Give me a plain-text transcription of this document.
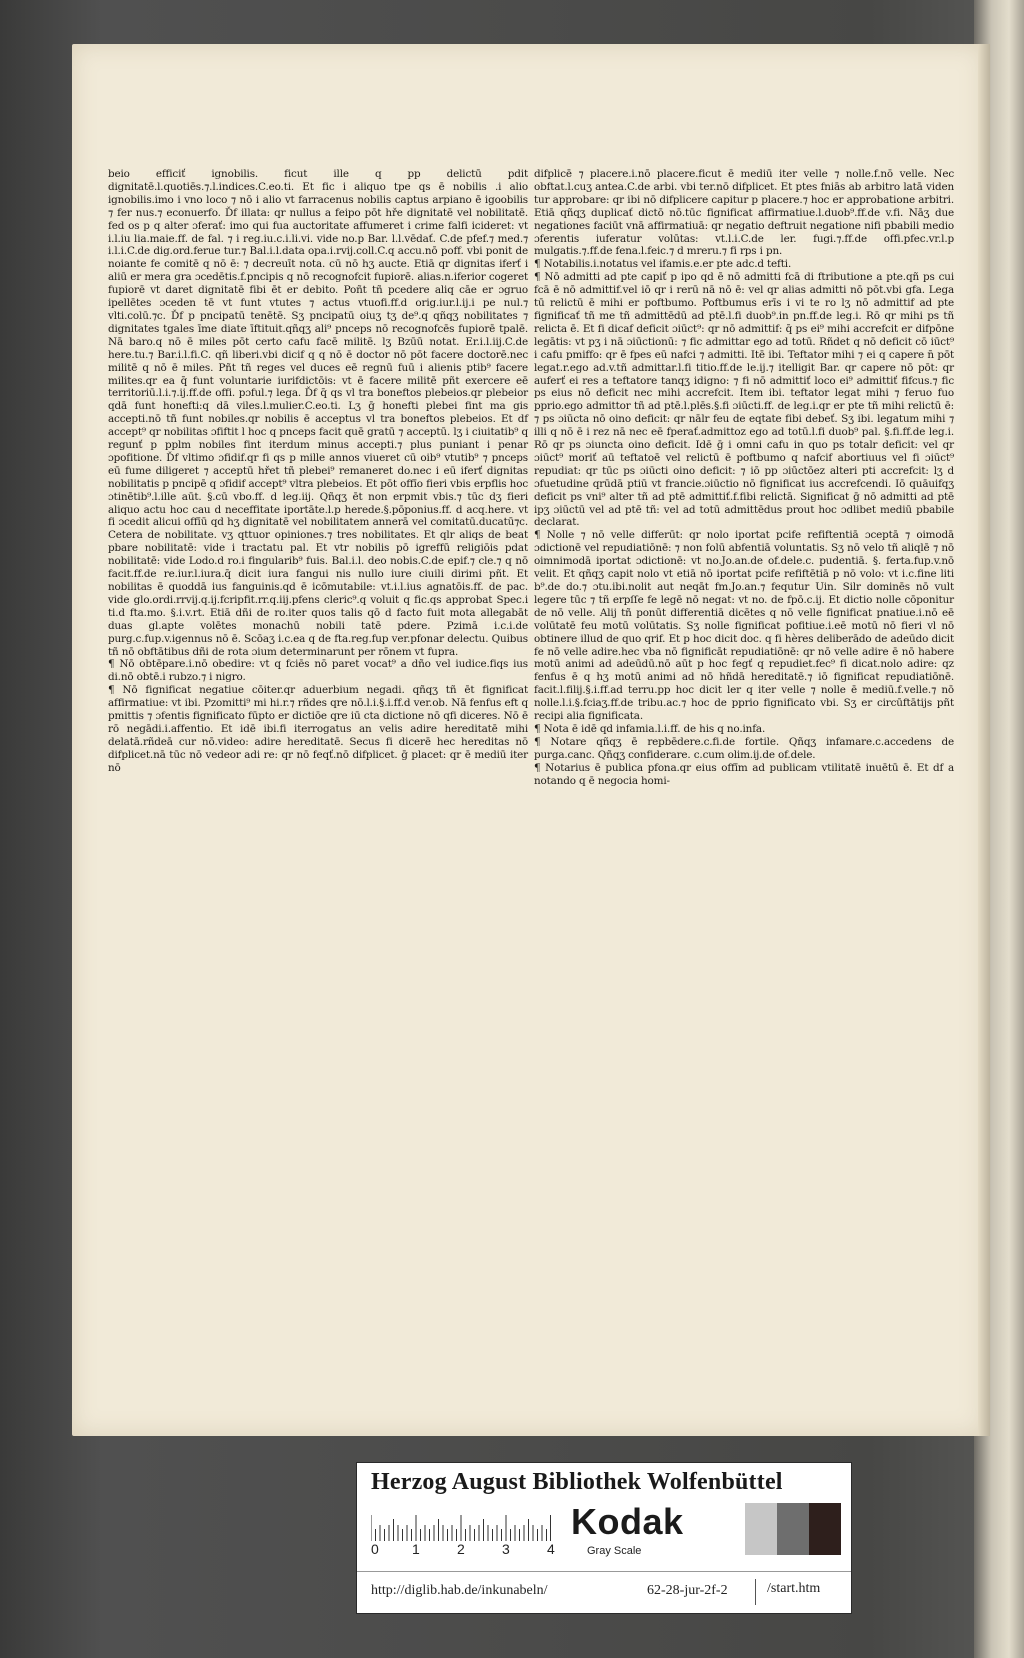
beio efficiť ignobilis. ficut ille q pp delictū pdit dignitatē.l.quotiēs.⁊.l.indices.C.eo.ti. Et fic i aliquo tpe qs ē nobilis .i alio ignobilis.imo i vno loco ⁊ nō i alio vt farracenus nobilis captus arpiano ē igoobilis ⁊ fer nus.⁊ econuerfo. Ďf illata: qr nullus a feipo pōt hře dignitatē vel nobilitatē. fed os p q alter ɔferať: imo qui fua auctoritate affumeret i crime falfi icideret: vt i.l.iu lia.maie.ff. de fal. ⁊ i reg.iu.c.i.li.vi. vide no.p Bar. l.l.vēdať. C.de pfef.⁊ med.⁊ i.l.i.C.de dig.ord.ferue tur.⁊ Bal.i.l.data opa.i.rvij.coll.C.q accu.nō poff. vbi ponit de noiante fe comitē q nō ē: ⁊ decreuīt nota. cū nō hʒ aucte. Etiā qr dignitas iferť i aliū er mera gra ɔcedētis.f.pncipis q nō recognofcit fupiorē. alias.n.iferior cogeret fupiorē vt daret dignitatē fibi ēt er debito. Poñt tñ pcedere aliq cāe er ɔgruo ipellētes ɔceden tē vt funt vtutes ⁊ actus vtuofi.ff.d orig.iur.l.ij.i pe nul.⁊ vlti.colū.⁊c. Ďf p pncipatū tenētē. Sʒ pncipatū oiuʒ tʒ de⁹.q qñqʒ nobilitates ⁊ dignitates tgales īme diate īftituit.qñqʒ ali⁹ pnceps nō recognofcēs fupiorē tpalē. Nā baro.q nō ē miles pōt certo cafu facē militē. lʒ Bzūū notat. Er.i.l.iij.C.de here.tu.⁊ Bar.i.l.fi.C. qñ liberi.vbi dicif q q nō ē doctor nō pōt facere doctorē.nec militē q nō ē miles. Pñt tñ reges vel duces eē regnū fuū i alienis ptib⁹ facere milites.qr ea q̄ funt voluntarie iurifdictōis: vt ē facere militē pñt exercere eē territoriū.l.i.⁊.ij.ff.de offi. pɔful.⁊ lega. Ďf q̄ qs vl tra boneftos plebeios.qr plebeior qdā funt honefti:q dā viles.l.mulier.C.eo.ti. Lʒ ḡ honefti plebei fint ma gis accepti.nō tñ funt nobiles.qr nobilis ē acceptus vl tra boneftos plebeios. Et df accept⁹ qr nobilitas ɔfiftit l hoc q pnceps facit quē gratū ⁊ acceptū. lʒ i ciuitatib⁹ q regunť p pplm nobiles fint iterdum minus accepti.⁊ plus puniant i penar ɔpofitione. Ďf vltimo ɔfidif.qr fi qs p mille annos viueret cū oib⁹ vtutib⁹ ⁊ pnceps eū fume diligeret ⁊ acceptū hřet tñ plebei⁹ remaneret do.nec i eū iferť dignitas nobilitatis p pncipē q ɔfidif accept⁹ vltra plebeios. Et pōt offīo fieri vbis erpflis hoc ɔtinētib⁹.l.ille aūt. §.cū vbo.ff. d leg.iij. Qñqʒ ēt non erpmit vbis.⁊ tūc dʒ fieri aliquo actu hoc cau d neceffitate iportāte.l.p herede.§.pōponius.ff. d acq.here. vt fi ɔcedit alicui offīū qd hʒ dignitatē vel nobilitatem annerā vel comitatū.ducatū⁊c. Cetera de nobilitate. vʒ qttuor opiniones.⁊ tres nobilitates. Et qlr aliqs de beat pbare nobilitatē: vide i tractatu pal. Et vtr nobilis pō igreffū religiōis pdat nobilitatē: vide Lodo.d ro.i fingularib⁹ fuis. Bal.i.l. deo nobis.C.de epif.⁊ cle.⁊ q nō facit.ff.de re.iur.l.iura.q̄ dicit iura fangui nis nullo iure ciuili dirimi pñt. Et nobilitas ē quoddā ius fanguinis.qd ē icōmutabile: vt.i.l.ius agnatōis.ff. de pac. vide glo.ordi.rrvij.q.ij.fcripfit.rr.q.iij.pfens cleric⁹.q voluit q fic.qs approbat Spec.i ti.d fta.mo. §.i.v.rt. Etiā dñi de ro.iter quos talis qō d facto fuit mota allegabāt duas gl.apte volētes monachū nobili tatē pdere. Pzimā i.c.i.de purg.c.fup.v.igennus nō ē. Scōaʒ i.c.ea q de fta.reg.fup ver.pfonar delectu. Quibus tñ nō obftātibus dñi de rota ɔium determinarunt per rōnem vt fupra.

¶ Nō obtēpare.i.nō obedire: vt q fciēs nō paret vocat⁹ a dño vel iudice.fiqs ius di.nō obtē.i rubzo.⁊ i nigro.

¶ Nō fignificat negatiue cōiter.qr aduerbium negadi. qñqʒ tñ ēt fignificat affirmatiue: vt ibi. Pzomitti⁹ mi hi.r.⁊ rñdes qre nō.l.i.§.i.ff.d ver.ob. Nā fenfus eft q pmittis ⁊ ɔfentis fignificato fūpto er dictiōe qre iū cta dictione nō qfi diceres. Nō ē rō negādi.i.affentio. Et idē ibi.fi iterrogatus an velis adire hereditatē mihi delatā.rñdeā cur nō.video: adire hereditatē. Secus fi dicerē hec hereditas nō difplicet.nā tūc nō vedeor adi re: qr nō feqť.nō difplicet. ḡ placet: qr ē mediū iter nō

difplicē ⁊ placere.i.nō placere.ficut ē mediū iter velle ⁊ nolle.f.nō velle. Nec obftat.l.cuʒ antea.C.de arbi. vbi ter.nō difplicet. Et ptes fniās ab arbitro latā viden tur approbare: qr ibi nō difplicere capitur p placere.⁊ hoc er approbatione arbitri. Etiā qñqʒ duplicať dictō nō.tūc fignificat affirmatiue.l.duob⁹.ff.de v.fi. Nāʒ due negationes faciūt vnā affirmatiuā: qr negatio deftruit negatione nifi pbabili medio ɔferentis iuferatur volūtas: vt.l.i.C.de ler. fugi.⁊.ff.de offi.pfec.vr.l.p mulgatis.⁊.ff.de fena.l.feic.⁊ d mreru.⁊ fi rps i pn.

¶ Notabilis.i.notatus vel ifamis.e.er pte adc.d tefti.

¶ Nō admitti ad pte capiť p ipo qd ē nō admitti fcā di ftributione a pte.qñ ps cui fcā ē nō admittif.vel iō qr i rerū nā nō ē: vel qr alias admitti nō pōt.vbi gfa. Lega tū relictū ē mihi er poftbumo. Poftbumus erīs i vi te ro lʒ nō admittif ad pte fignificať tñ me tñ admittēdū ad ptē.l.fi duob⁹.in pn.ff.de leg.i. Rō qr mihi ps tñ relicta ē. Et fi dicaf deficit ɔiūct⁹: qr nō admittif: q̄ ps ei⁹ mihi accrefcit er difpōne legātis: vt pʒ i nā ɔiūctionū: ⁊ fic admittar ego ad totū. Rñdet q nō deficit cō iūct⁹ i cafu pmiffo: qr ē fpes eū nafci ⁊ admitti. Itē ibi. Teftator mihi ⁊ ei q capere n̄ pōt legat.r.ego ad.v.tñ admittar.l.fi titio.ff.de le.ij.⁊ itelligit Bar. qr capere nō pōt: qr auferť ei res a teftatore tanqʒ idigno: ⁊ fi nō admittiť loco ei⁹ admittiť fifcus.⁊ fic ps eius nō deficit nec mihi accrefcit. Item ibi. teftator legat mihi ⁊ feruo fuo pprio.ego admittor tñ ad ptē.l.plēs.§.fi ɔiūcti.ff. de leg.i.qr er pte tñ mihi relictū ē: ⁊ ps ɔiūcta nō oino deficit: qr nālr feu de eqtate fibi debeť. Sʒ ibi. legatum mihi ⁊ illi q nō ē i rez nā nec eē fperať.admittoz ego ad totū.l.fi duob⁹ pal. §.fi.ff.de leg.i. Rō qr ps ɔiuncta oino deficit. Idē ḡ i omni cafu in quo ps totalr deficit: vel qr ɔiūct⁹ moriť aū teftatoē vel relictū ē poftbumo q nafcif abortiuus vel fi ɔiūct⁹ repudiat: qr tūc ps ɔiūcti oino deficit: ⁊ iō pp ɔiūctōez alteri pti accrefcit: lʒ d ɔfuetudine qrūdā ptiū vt francie.ɔiūctio nō fignificat ius accrefcendi. Iō quāuifqʒ deficit ps vni⁹ alter tñ ad ptē admittiť.f.fibi relictā. Significat ḡ nō admitti ad ptē ipʒ ɔiūctū vel ad ptē tñ: vel ad totū admittēdus prout hoc ɔdlibet mediū pbabile declarat.

¶ Nolle ⁊ nō velle differūt: qr nolo iportat pcife refiftentiā ɔceptā ⁊ oimodā ɔdictionē vel repudiatiōnē: ⁊ non folū abfentiā voluntatis. Sʒ nō velo tñ aliqlē ⁊ nō oimnimodā iportat ɔdictionē: vt no.Jo.an.de of.dele.c. pudentiā. §. ferta.fup.v.nō velit. Et qñqʒ capit nolo vt etiā nō iportat pcife refiftētiā p nō volo: vt i.c.fine liti b⁹.de do.⁊ ɔtu.ibi.nolit aut neqāt fm.Jo.an.⁊ fequtur Uin. Silr dominēs nō vult legere tūc ⁊ tñ erpſſe fe legē nō negat: vt no. de fpō.c.ij. Et dictio nolle cōponitur de nō velle. Alij tñ ponūt differentiā dicētes q nō velle fignificat pnatiue.i.nō eē volūtatē feu motū volūtatis. Sʒ nolle fignificat pofitiue.i.eē motū nō fieri vl nō obtinere illud de quo qrif. Et p hoc dicit doc. q fi hères deliberādo de adeūdo dicit fe nō velle adire.hec vba nō fignificāt repudiatiōnē: qr nō velle adire ē nō habere motū animi ad adeūdū.nō aūt p hoc fegť q repudiet.fec⁹ fi dicat.nolo adire: qz fenfus ē q hʒ motū animi ad nō hñdā hereditatē.⁊ iō fignificat repudiatiōnē. facit.l.filij.§.i.ff.ad terru.pp hoc dicit ler q iter velle ⁊ nolle ē mediū.f.velle.⁊ nō nolle.l.i.§.fciaʒ.ff.de tribu.ac.⁊ hoc de pprio fignificato vbi. Sʒ er circūftātijs pñt recipi alia fignificata.

¶ Nota ē idē qd infamia.l.i.ff. de his q no.infa.

¶ Notare qñqʒ ē repbēdere.c.fi.de fortile. Qñqʒ infamare.c.accedens de purga.canc. Qñqʒ confiderare. c.cum olim.ij.de of.dele.

¶ Notarius ē publica pfona.qr eius offīm ad publicam vtilitatē inuētū ē. Et df a notando q ē negocia homi-

Herzog August Bibliothek Wolfenbüttel
0 1	2	3	4
Kodak
Gray Scale
http://diglib.hab.de/inkunabeln/	62-28-jur-2f-2	/start.htm
